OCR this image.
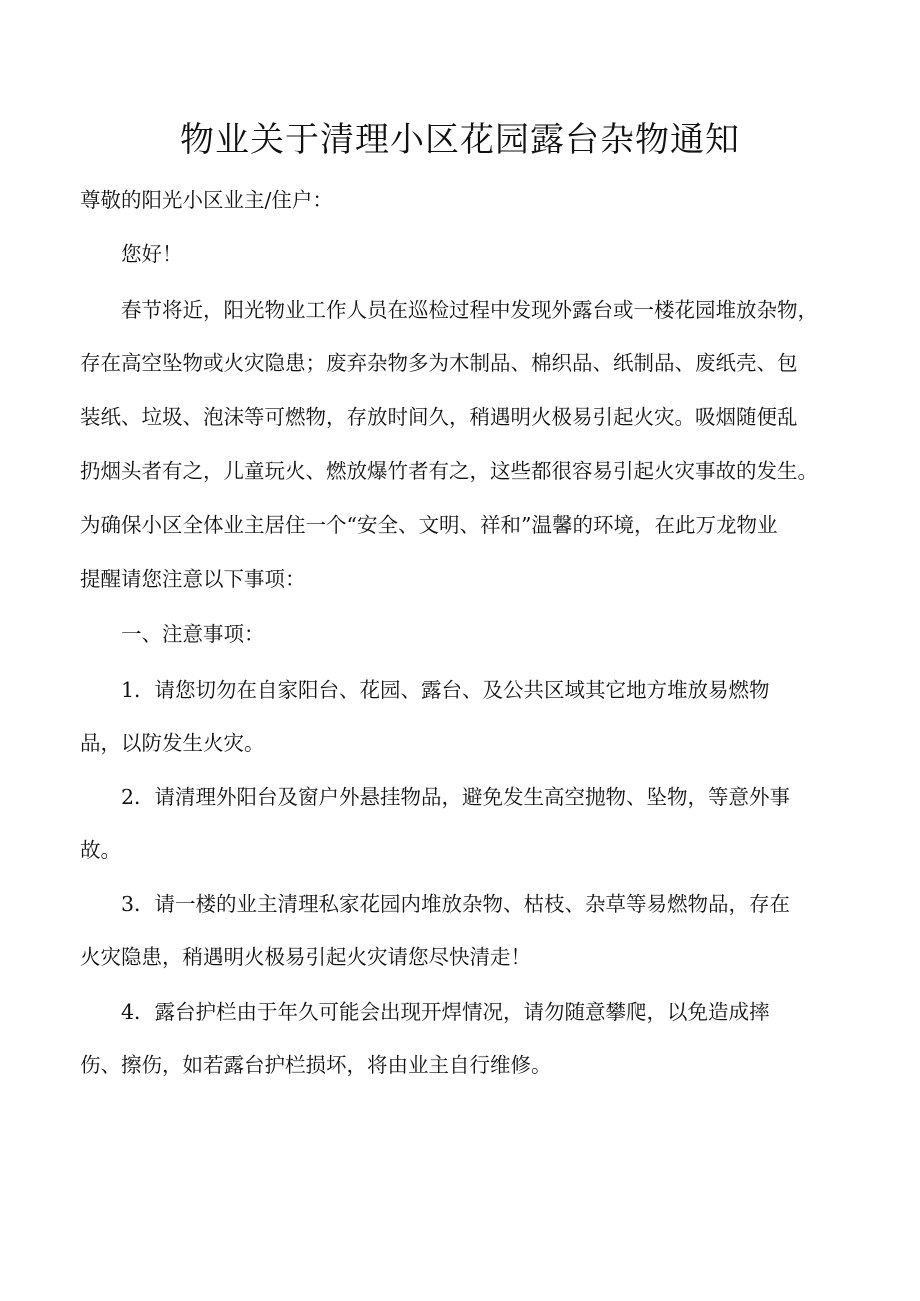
物业关于清理小区花园露台杂物通知

尊敬的阳光小区业主/住户：

您好！

春节将近，阳光物业工作人员在巡检过程中发现外露台或一楼花园堆放杂物，

存在高空坠物或火灾隐患；废弃杂物多为木制品、棉织品、纸制品、废纸壳、包

装纸、垃圾、泡沫等可燃物，存放时间久，稍遇明火极易引起火灾。吸烟随便乱

扔烟头者有之，儿童玩火、燃放爆竹者有之，这些都很容易引起火灾事故的发生。

为确保小区全体业主居住一个“安全、文明、祥和”温馨的环境，在此万龙物业

提醒请您注意以下事项：

一、注意事项：

1．请您切勿在自家阳台、花园、露台、及公共区域其它地方堆放易燃物

品，以防发生火灾。

2．请清理外阳台及窗户外悬挂物品，避免发生高空抛物、坠物，等意外事

故。

3．请一楼的业主清理私家花园内堆放杂物、枯枝、杂草等易燃物品，存在

火灾隐患，稍遇明火极易引起火灾请您尽快清走！

4．露台护栏由于年久可能会出现开焊情况，请勿随意攀爬，以免造成摔

伤、擦伤，如若露台护栏损坏，将由业主自行维修。
